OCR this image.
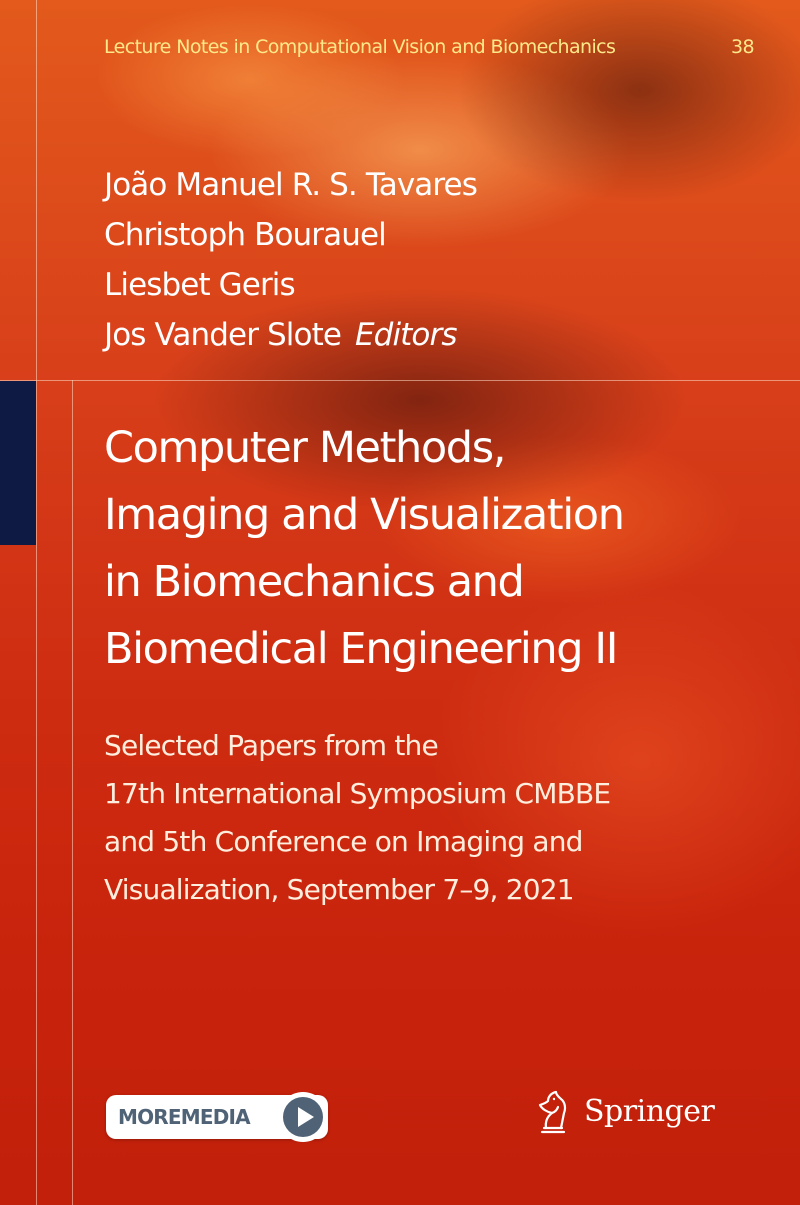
Lecture Notes in Computational Vision and Biomechanics	38
João Manuel R. S. Tavares
Christoph Bourauel
Liesbet Geris
Jos Vander Slote Editors
Computer Methods,
Imaging and Visualization
in Biomechanics and
Biomedical Engineering II
Selected Papers from the
17th International Symposium CMBBE
and 5th Conference on Imaging and
Visualization, September 7–9, 2021
MOREMEDIA	Springer
